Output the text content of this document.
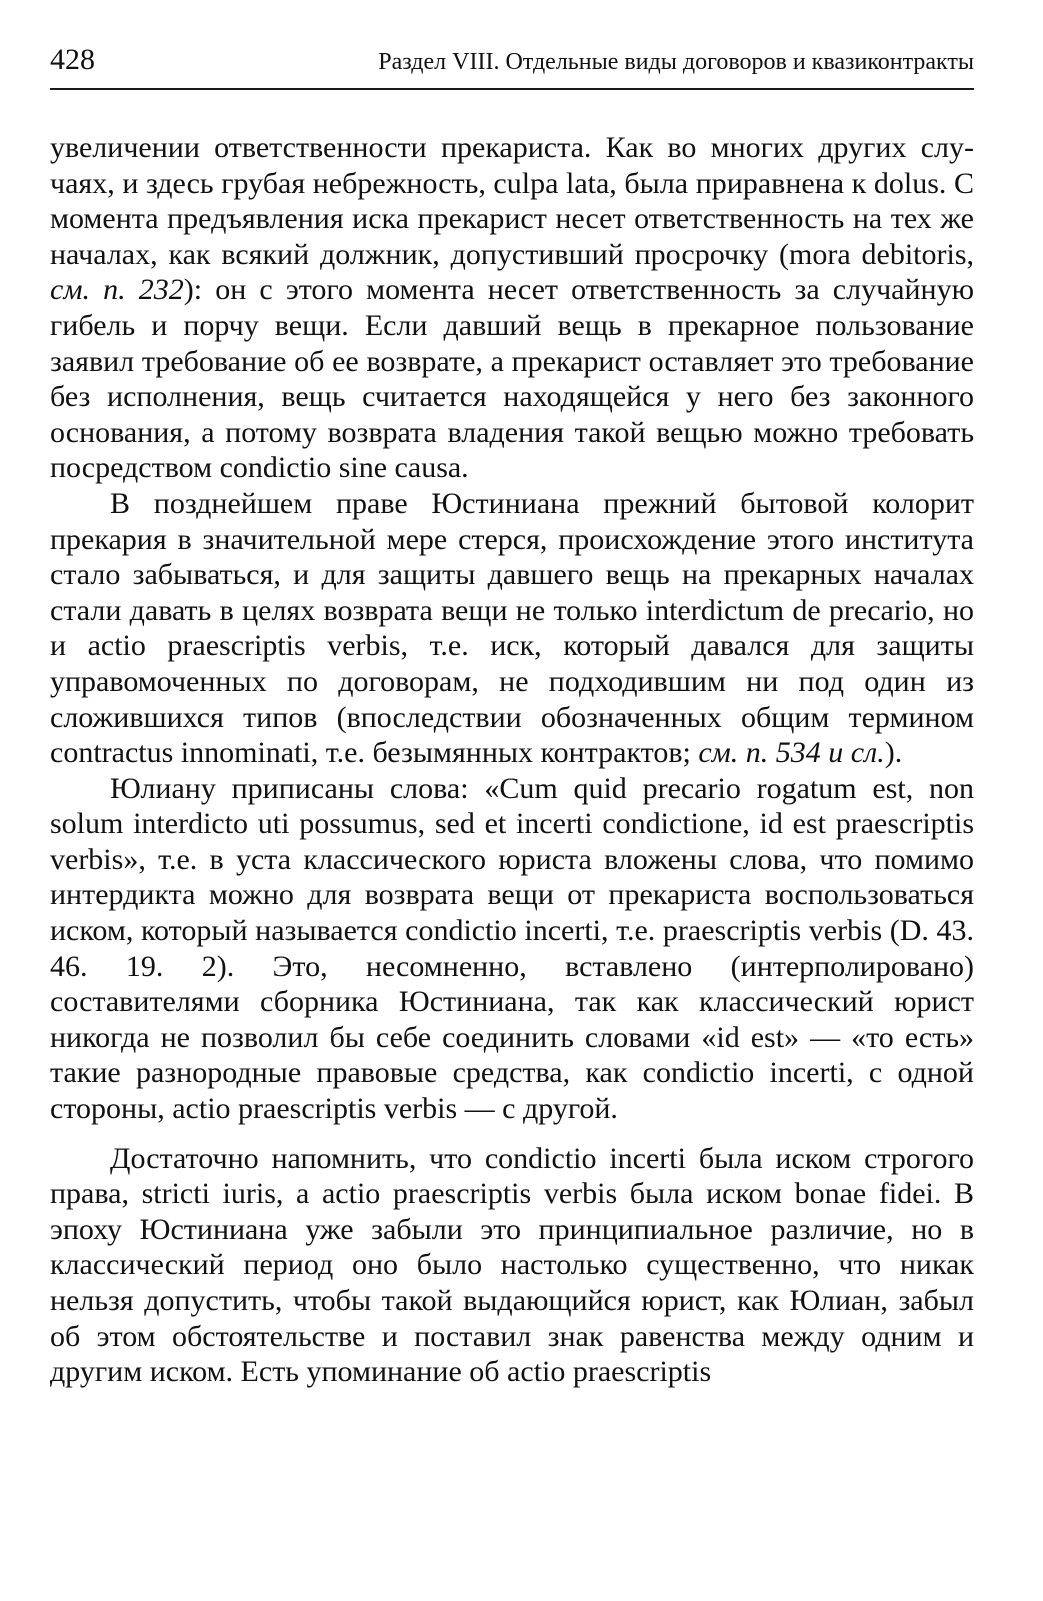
428	Раздел VIII. Отдельные виды договоров и квазиконтракты

увеличении ответственности прекариста. Как во многих других случаях, и здесь грубая небрежность, culpa lata, была приравнена к dolus. С момента предъявления иска прекарист несет ответственность на тех же началах, как всякий должник, допустивший просрочку (mora debitoris, см. п. 232): он с этого момента несет ответственность за случайную гибель и порчу вещи. Если давший вещь в прекарное пользование заявил требование об ее возврате, а прекарист оставляет это требование без исполнения, вещь считается находящейся у него без законного основания, а потому возврата владения такой вещью можно требовать посредством condictio sine causa.

В позднейшем праве Юстиниана прежний бытовой колорит прекария в значительной мере стерся, происхождение этого института стало забываться, и для защиты давшего вещь на прекарных началах стали давать в целях возврата вещи не только interdictum de precario, но и actio praescriptis verbis, т.е. иск, который давался для защиты управомоченных по договорам, не подходившим ни под один из сложившихся типов (впоследствии обозначенных общим термином contractus innominati, т.е. безымянных контрактов; см. п. 534 и сл.).

Юлиану приписаны слова: «Cum quid precario rogatum est, non solum interdicto uti possumus, sed et incerti condictione, id est praescriptis verbis», т.е. в уста классического юриста вложены слова, что помимо интердикта можно для возврата вещи от прекариста воспользоваться иском, который называется condictio incerti, т.е. praescriptis verbis (D. 43. 46. 19. 2). Это, несомненно, вставлено (интерполировано) составителями сборника Юстиниана, так как классический юрист никогда не позволил бы себе соединить словами «id est» — «то есть» такие разнородные правовые средства, как condictio incerti, с одной стороны, actio praescriptis verbis — с другой.

Достаточно напомнить, что condictio incerti была иском строгого права, stricti iuris, а actio praescriptis verbis была иском bonae fidei. В эпоху Юстиниана уже забыли это принципиальное различие, но в классический период оно было настолько существенно, что никак нельзя допустить, чтобы такой выдающийся юрист, как Юлиан, забыл об этом обстоятельстве и поставил знак равенства между одним и другим иском. Есть упоминание об actio praescriptis
